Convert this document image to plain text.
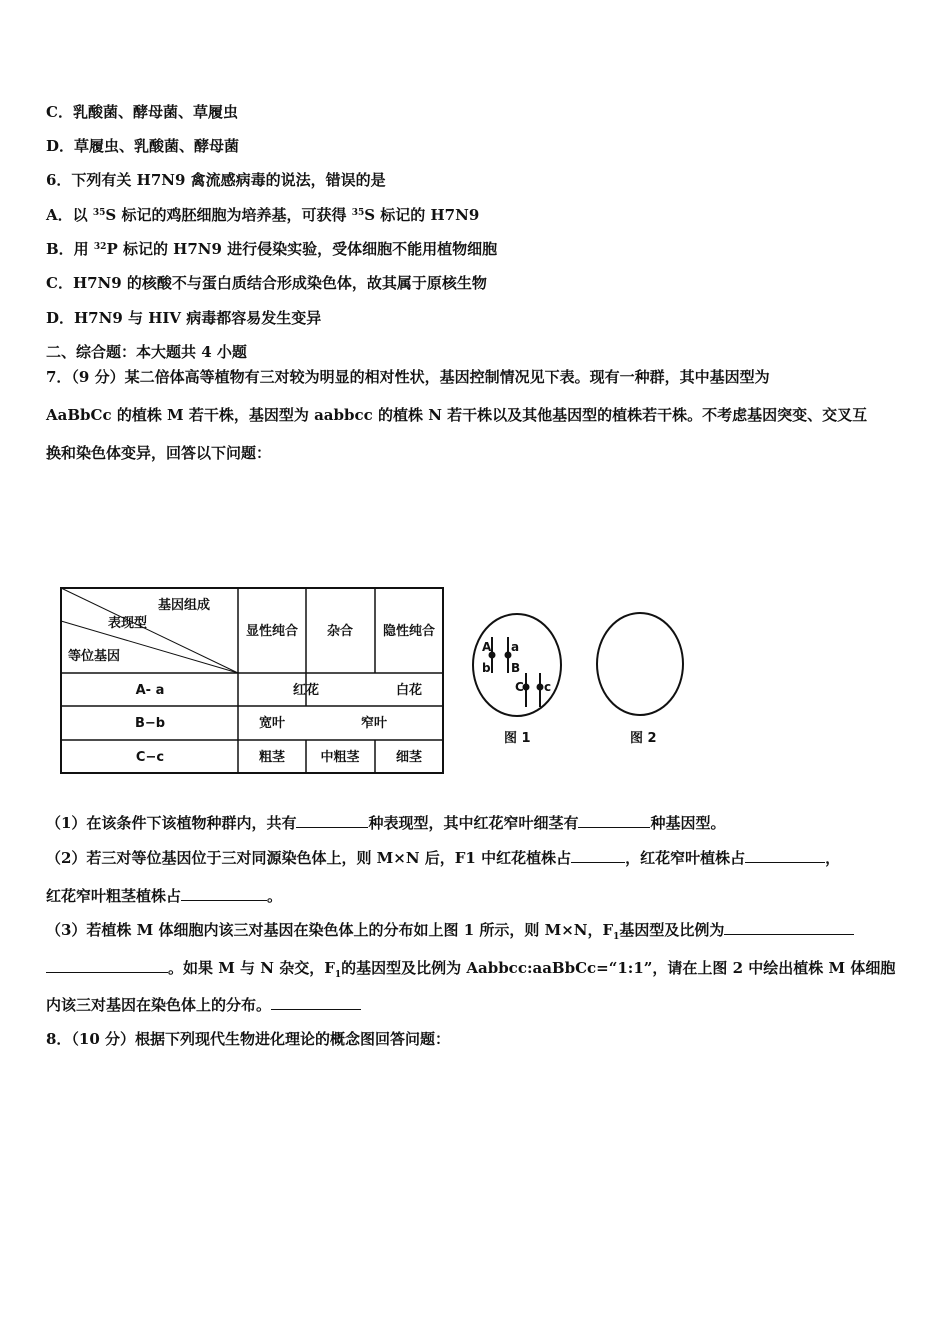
C．乳酸菌、酵母菌、草履虫
D．草履虫、乳酸菌、酵母菌
6．下列有关 H7N9 禽流感病毒的说法，错误的是
A．以 $^{35}$S 标记的鸡胚细胞为培养基，可获得 $^{35}$S 标记的 H7N9
B．用 $^{32}$P 标记的 H7N9 进行侵染实验，受体细胞不能用植物细胞
C．H7N9 的核酸不与蛋白质结合形成染色体，故其属于原核生物
D．H7N9 与 HIV 病毒都容易发生变异
二、综合题：本大题共 4 小题
7．（9 分）某二倍体高等植物有三对较为明显的相对性状，基因控制情况见下表。现有一种群，其中基因型为
AaBbCc 的植株 M 若干株，基因型为 aabbcc 的植株 N 若干株以及其他基因型的植株若干株。不考虑基因突变、交叉互
换和染色体变异，回答以下问题：
基因组成
表现型
等位基因
显性纯合 杂合 隐性纯合
A- a	红花	白花
B−b	宽叶	窄叶
C−c	粗茎	中粗茎	细茎
A a
b B
C c
图 1	图 2
（1）在该条件下该植物种群内，共有	种表现型，其中红花窄叶细茎有	种基因型。
（2）若三对等位基因位于三对同源染色体上，则 M×N 后，F1 中红花植株占	，红花窄叶植株占	，
红花窄叶粗茎植株占	。
（3）若植株 M 体细胞内该三对基因在染色体上的分布如上图 1 所示，则 M×N，$F_1$基因型及比例为
。如果 M 与 N 杂交，$F_1$的基因型及比例为 Aabbcc:aaBbCc=“1:1”，请在上图 2 中绘出植株 M 体细胞
内该三对基因在染色体上的分布。
8．（10 分）根据下列现代生物进化理论的概念图回答问题：
